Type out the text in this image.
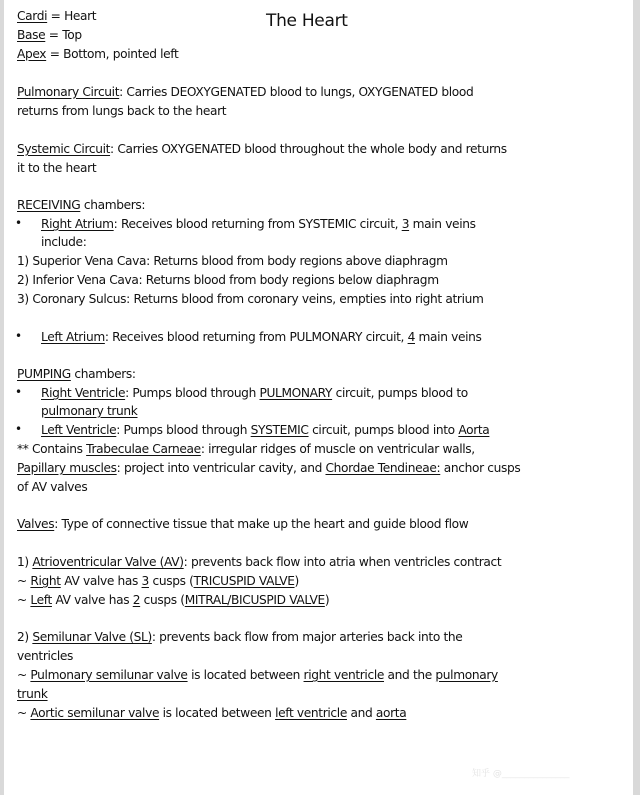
The Heart
Cardi = Heart
Base = Top
Apex = Bottom, pointed left
Pulmonary Circuit: Carries DEOXYGENATED blood to lungs, OXYGENATED blood
returns from lungs back to the heart
Systemic Circuit: Carries OXYGENATED blood throughout the whole body and returns
it to the heart
RECEIVING chambers:
• Right Atrium: Receives blood returning from SYSTEMIC circuit, 3 main veins
include:
1) Superior Vena Cava: Returns blood from body regions above diaphragm
2) Inferior Vena Cava: Returns blood from body regions below diaphragm
3) Coronary Sulcus: Returns blood from coronary veins, empties into right atrium
• Left Atrium: Receives blood returning from PULMONARY circuit, 4 main veins
PUMPING chambers:
• Right Ventricle: Pumps blood through PULMONARY circuit, pumps blood to
pulmonary trunk
• Left Ventricle: Pumps blood through SYSTEMIC circuit, pumps blood into Aorta
** Contains Trabeculae Carneae: irregular ridges of muscle on ventricular walls,
Papillary muscles: project into ventricular cavity, and Chordae Tendineae: anchor cusps
of AV valves
Valves: Type of connective tissue that make up the heart and guide blood flow
1) Atrioventricular Valve (AV): prevents back flow into atria when ventricles contract
~ Right AV valve has 3 cusps (TRICUSPID VALVE)
~ Left AV valve has 2 cusps (MITRAL/BICUSPID VALVE)
2) Semilunar Valve (SL): prevents back flow from major arteries back into the
ventricles
~ Pulmonary semilunar valve is located between right ventricle and the pulmonary
trunk
~ Aortic semilunar valve is located between left ventricle and aorta
知乎 @_______________
